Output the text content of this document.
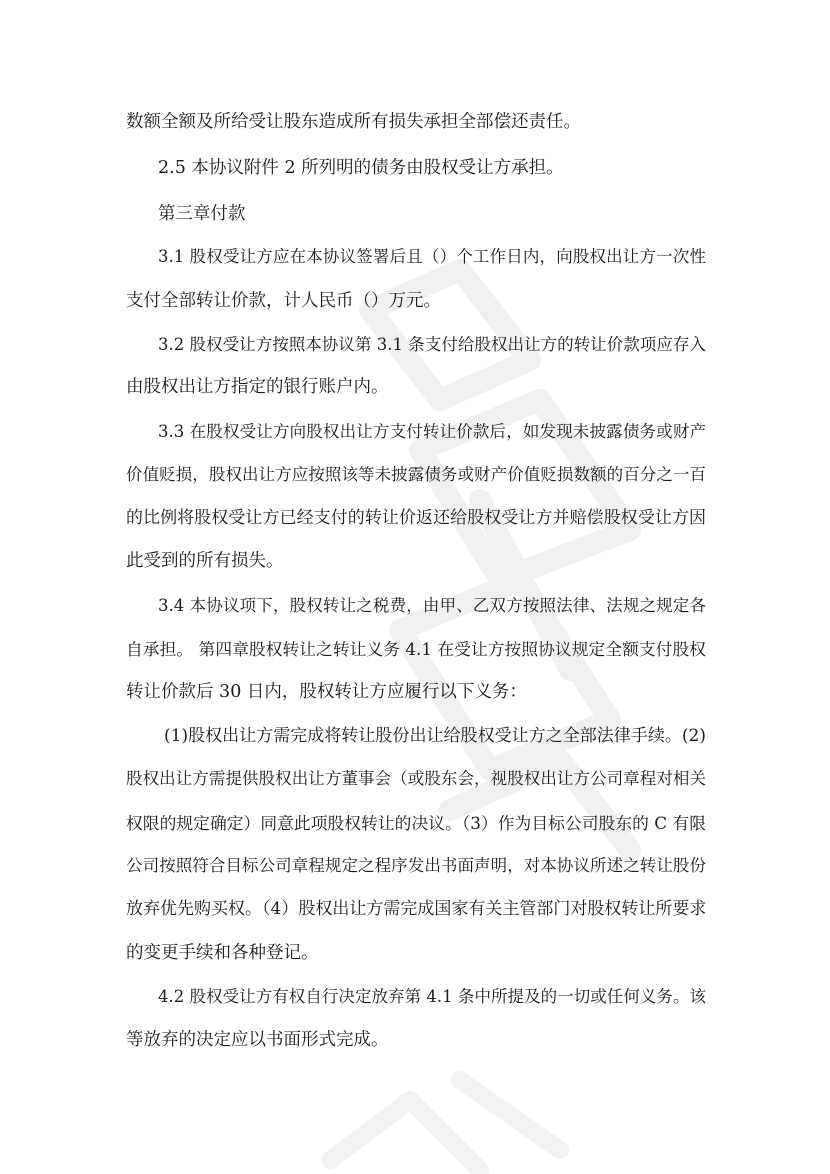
数额全额及所给受让股东造成所有损失承担全部偿还责任。
2.5 本协议附件 2 所列明的债务由股权受让方承担。
第三章付款
3.1 股权受让方应在本协议签署后且（）个工作日内，向股权出让方一次性
支付全部转让价款，计人民币（）万元。
3.2 股权受让方按照本协议第 3.1 条支付给股权出让方的转让价款项应存入
由股权出让方指定的银行账户内。
3.3 在股权受让方向股权出让方支付转让价款后，如发现未披露债务或财产
价值贬损，股权出让方应按照该等未披露债务或财产价值贬损数额的百分之一百
的比例将股权受让方已经支付的转让价返还给股权受让方并赔偿股权受让方因
此受到的所有损失。
3.4 本协议项下，股权转让之税费，由甲、乙双方按照法律、法规之规定各
自承担。 第四章股权转让之转让义务 4.1 在受让方按照协议规定全额支付股权
转让价款后 30 日内，股权转让方应履行以下义务：
(1)股权出让方需完成将转让股份出让给股权受让方之全部法律手续。(2)
股权出让方需提供股权出让方董事会（或股东会，视股权出让方公司章程对相关
权限的规定确定）同意此项股权转让的决议。（3）作为目标公司股东的 C 有限
公司按照符合目标公司章程规定之程序发出书面声明，对本协议所述之转让股份
放弃优先购买权。（4）股权出让方需完成国家有关主管部门对股权转让所要求
的变更手续和各种登记。
4.2 股权受让方有权自行决定放弃第 4.1 条中所提及的一切或任何义务。该
等放弃的决定应以书面形式完成。
